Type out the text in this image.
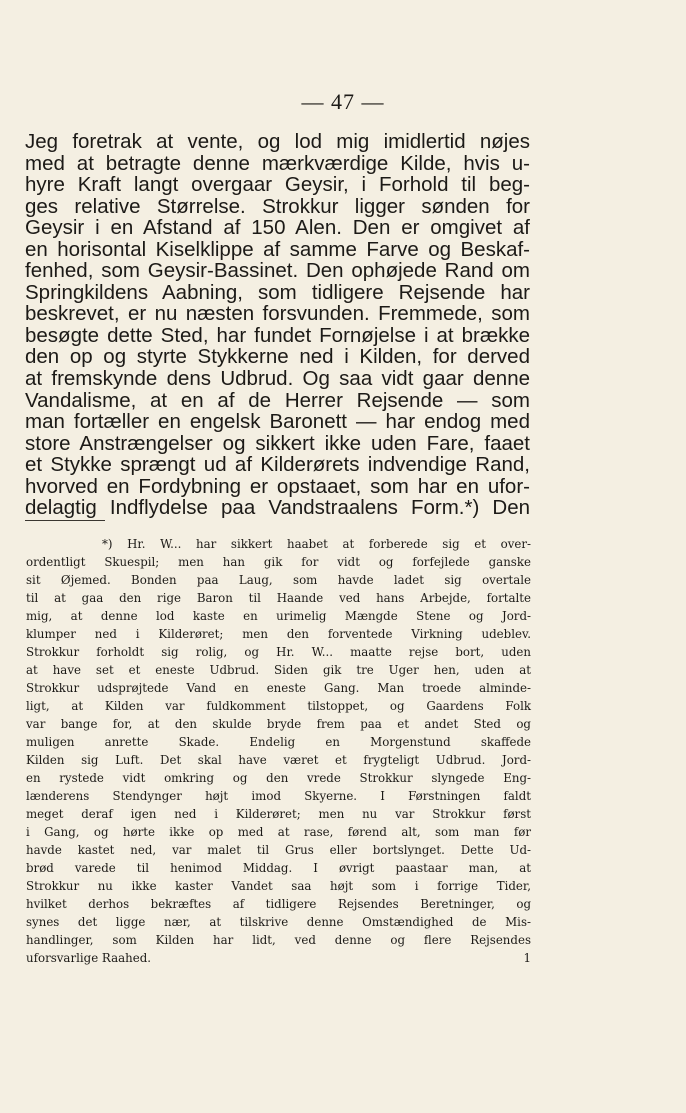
— 47 —
Jeg foretrak at vente, og lod mig imidlertid nøjes
med at betragte denne mærkværdige Kilde, hvis u-
hyre Kraft langt overgaar Geysir, i Forhold til beg-
ges relative Størrelse. Strokkur ligger sønden for
Geysir i en Afstand af 150 Alen. Den er omgivet af
en horisontal Kiselklippe af samme Farve og Beskaf-
fenhed, som Geysir-Bassinet. Den ophøjede Rand om
Springkildens Aabning, som tidligere Rejsende har
beskrevet, er nu næsten forsvunden. Fremmede, som
besøgte dette Sted, har fundet Fornøjelse i at brække
den op og styrte Stykkerne ned i Kilden, for derved
at fremskynde dens Udbrud. Og saa vidt gaar denne
Vandalisme, at en af de Herrer Rejsende — som
man fortæller en engelsk Baronett — har endog med
store Anstrængelser og sikkert ikke uden Fare, faaet
et Stykke sprængt ud af Kilderørets indvendige Rand,
hvorved en Fordybning er opstaaet, som har en ufor-
delagtig Indflydelse paa Vandstraalens Form.*) Den
*) Hr. W... har sikkert haabet at forberede sig et over-
ordentligt Skuespil; men han gik for vidt og forfejlede ganske
sit Øjemed. Bonden paa Laug, som havde ladet sig overtale
til at gaa den rige Baron til Haande ved hans Arbejde, fortalte
mig, at denne lod kaste en urimelig Mængde Stene og Jord-
klumper ned i Kilderøret; men den forventede Virkning udeblev.
Strokkur forholdt sig rolig, og Hr. W... maatte rejse bort, uden
at have set et eneste Udbrud. Siden gik tre Uger hen, uden at
Strokkur udsprøjtede Vand en eneste Gang. Man troede alminde-
ligt, at Kilden var fuldkomment tilstoppet, og Gaardens Folk
var bange for, at den skulde bryde frem paa et andet Sted og
muligen anrette Skade. Endelig en Morgenstund skaffede
Kilden sig Luft. Det skal have været et frygteligt Udbrud. Jord-
en rystede vidt omkring og den vrede Strokkur slyngede Eng-
lænderens Stendynger højt imod Skyerne. I Førstningen faldt
meget deraf igen ned i Kilderøret; men nu var Strokkur først
i Gang, og hørte ikke op med at rase, førend alt, som man før
havde kastet ned, var malet til Grus eller bortslynget. Dette Ud-
brød varede til henimod Middag. I øvrigt paastaar man, at
Strokkur nu ikke kaster Vandet saa højt som i forrige Tider,
hvilket derhos bekræftes af tidligere Rejsendes Beretninger, og
synes det ligge nær, at tilskrive denne Omstændighed de Mis-
handlinger, som Kilden har lidt, ved denne og flere Rejsendes
uforsvarlige Raahed.	1
